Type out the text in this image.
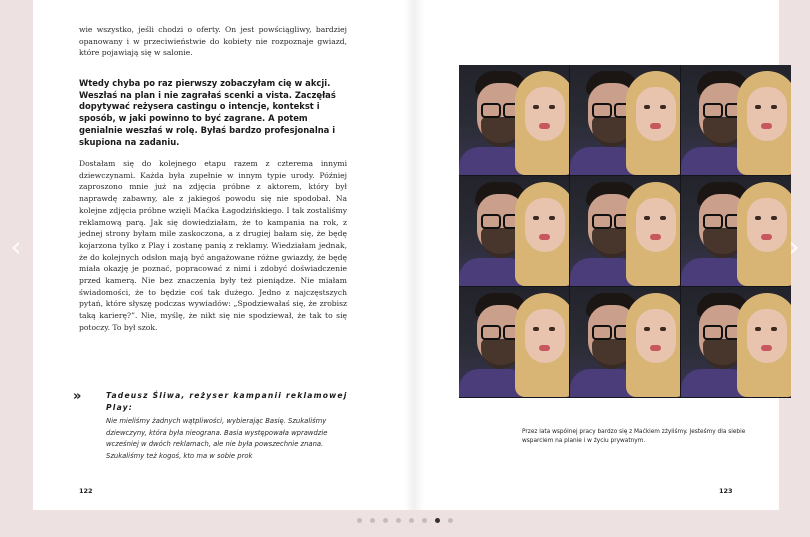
wie wszystko, jeśli chodzi o oferty. On jest powściągliwy, bardziej opanowany i w przeciwieństwie do kobiety nie rozpoznaje gwiazd, które pojawiają się w salonie.

Wtedy chyba po raz pierwszy zobaczyłam cię w akcji. Weszłaś na plan i nie zagrałaś scenki a vista. Zaczęłaś dopytywać reżysera castingu o intencje, kontekst i sposób, w jaki powinno to być zagrane. A potem genialnie weszłaś w rolę. Byłaś bardzo profesjonalna i skupiona na zadaniu.

Dostałam się do kolejnego etapu razem z czterema innymi dziewczynami. Każda była zupełnie w innym typie urody. Później zaproszono mnie już na zdjęcia próbne z aktorem, który był naprawdę zabawny, ale z jakiegoś powodu się nie spodobał. Na kolejne zdjęcia próbne wzięli Maćka Łagodzińskiego. I tak zostaliśmy reklamową parą. Jak się dowiedziałam, że to kampania na rok, z jednej strony byłam mile zaskoczona, a z drugiej bałam się, że będę kojarzona tylko z Play i zostanę panią z reklamy. Wiedziałam jednak, że do kolejnych odsłon mają być angażowane różne gwiazdy, że będę miała okazję je poznać, popracować z nimi i zdobyć doświadczenie przed kamerą. Nie bez znaczenia były też pieniądze. Nie miałam świadomości, że to będzie coś tak dużego. Jedno z najczęstszych pytań, które słyszę podczas wywiadów: „Spodziewałaś się, że zrobisz taką karierę?”. Nie, myślę, że nikt się nie spodziewał, że tak to się potoczy. To był szok.

»	Tadeusz Śliwa, reżyser kampanii reklamowej Play:

Nie mieliśmy żadnych wątpliwości, wybierając Basię. Szukaliśmy dziewczyny, która była nieograna. Basia występowała wprawdzie wcześniej w dwóch reklamach, ale nie była powszechnie znana. Szukaliśmy też kogoś, kto ma w sobie prok

122

Przez lata wspólnej pracy bardzo się z Maćkiem zżyliśmy. Jesteśmy dla siebie wsparciem na planie i w życiu prywatnym.

123
‹	›
